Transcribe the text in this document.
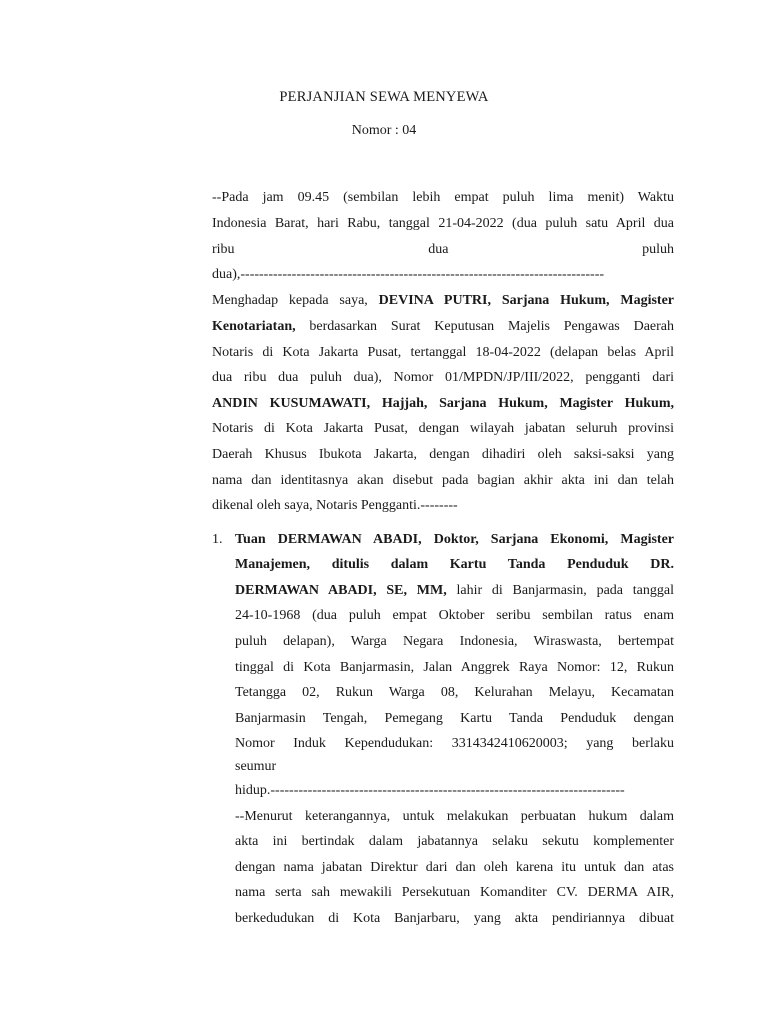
PERJANJIAN SEWA MENYEWA
Nomor : 04
--Pada jam 09.45 (sembilan lebih empat puluh lima menit) Waktu
Indonesia Barat, hari Rabu, tanggal 21-04-2022 (dua puluh satu April dua
ribu dua puluh
dua),------------------------------------------------------------------------------
Menghadap kepada saya, DEVINA PUTRI, Sarjana Hukum, Magister
Kenotariatan, berdasarkan Surat Keputusan Majelis Pengawas Daerah
Notaris di Kota Jakarta Pusat, tertanggal 18-04-2022 (delapan belas April
dua ribu dua puluh dua), Nomor 01/MPDN/JP/III/2022, pengganti dari
ANDIN KUSUMAWATI, Hajjah, Sarjana Hukum, Magister Hukum,
Notaris di Kota Jakarta Pusat, dengan wilayah jabatan seluruh provinsi
Daerah Khusus Ibukota Jakarta, dengan dihadiri oleh saksi-saksi yang
nama dan identitasnya akan disebut pada bagian akhir akta ini dan telah
dikenal oleh saya, Notaris Pengganti.--------
1. Tuan DERMAWAN ABADI, Doktor, Sarjana Ekonomi, Magister
Manajemen, ditulis dalam Kartu Tanda Penduduk DR.
DERMAWAN ABADI, SE, MM, lahir di Banjarmasin, pada tanggal
24-10-1968 (dua puluh empat Oktober seribu sembilan ratus enam
puluh delapan), Warga Negara Indonesia, Wiraswasta, bertempat
tinggal di Kota Banjarmasin, Jalan Anggrek Raya Nomor: 12, Rukun
Tetangga 02, Rukun Warga 08, Kelurahan Melayu, Kecamatan
Banjarmasin Tengah, Pemegang Kartu Tanda Penduduk dengan
Nomor Induk Kependudukan: 3314342410620003; yang berlaku
seumur
hidup.----------------------------------------------------------------------------
--Menurut keterangannya, untuk melakukan perbuatan hukum dalam
akta ini bertindak dalam jabatannya selaku sekutu komplementer
dengan nama jabatan Direktur dari dan oleh karena itu untuk dan atas
nama serta sah mewakili Persekutuan Komanditer CV. DERMA AIR,
berkedudukan di Kota Banjarbaru, yang akta pendiriannya dibuat
